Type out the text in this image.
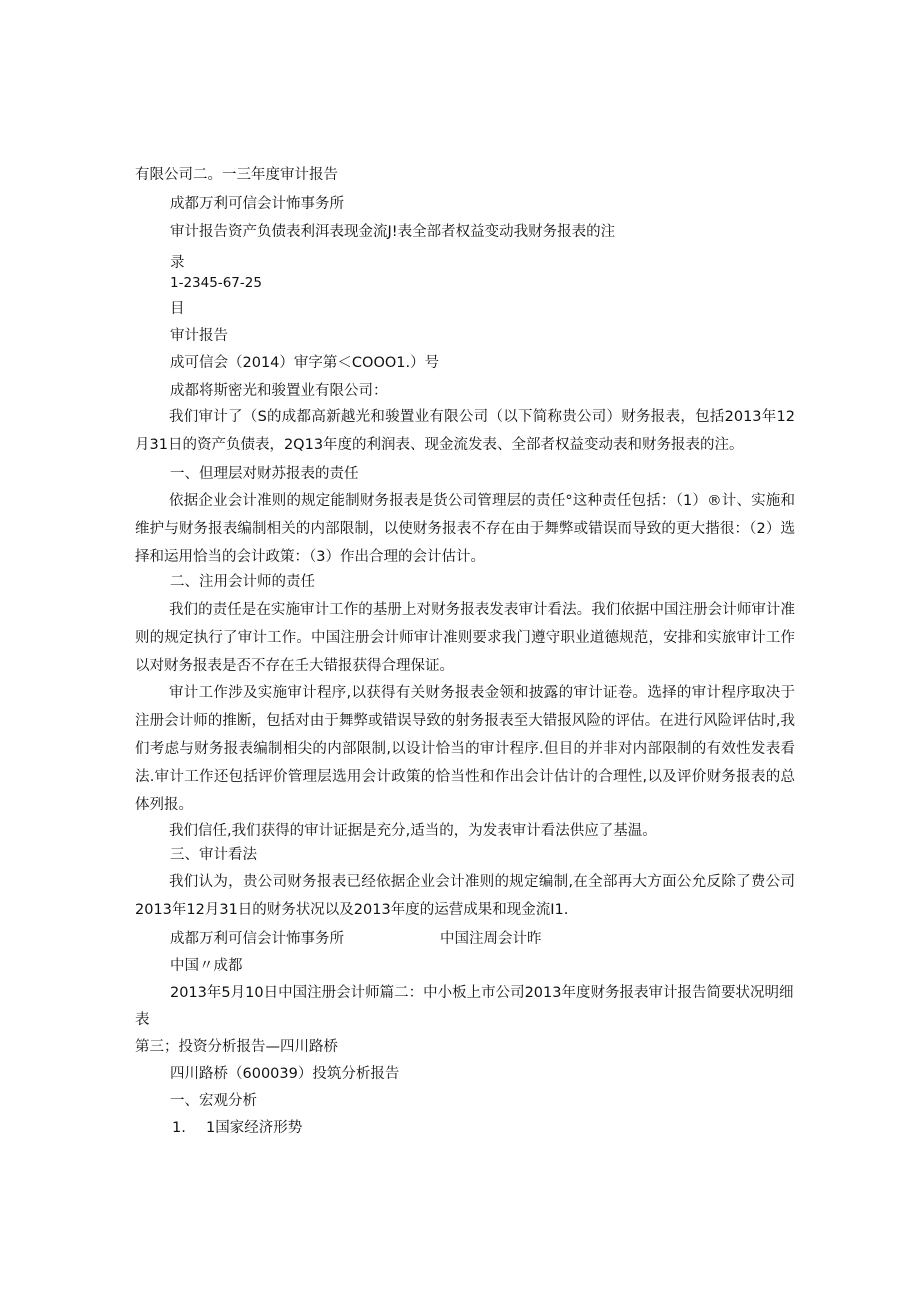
有限公司二。一三年度审计报告

成都万利可信会计怖事务所

审计报告资产负债表利洱表现金流J!表全部者权益变动我财务报表的注

录

1-2345-67-25

目

审计报告

成可信会（2014）审字第＜COOO1.）号

成都将斯密光和骏置业有限公司：

我们审计了（S的成都高新越光和骏置业有限公司（以下简称贵公司）财务报表，包括2013年12月31日的资产负债表，2Q13年度的利润表、现金流发表、全部者权益变动表和财务报表的注。

一、但理层对财苏报表的责任

依据企业会计准则的规定能制财务报表是货公司管理层的责任°这种责任包括：（1）®计、实施和维护与财务报表编制相关的内部限制，以使财务报表不存在由于舞弊或错误而导致的更大揩很：（2）选择和运用恰当的会计政策：（3）作出合理的会计估计。

二、注用会计师的责任

我们的责任是在实施审计工作的基册上对财务报表发表审计看法。我们依据中国注册会计师审计准则的规定执行了审计工作。中国注册会计师审计准则要求我门遵守职业道德规范，安排和实旅审计工作以对财务报表是否不存在壬大错报获得合理保证。

审计工作涉及实施审计程序,以获得有关财务报表金领和披露的审计证卷。选择的审计程序取决于注册会计师的推断，包括对由于舞弊或错误导致的射务报表至大错报风险的评估。在进行风险评估时,我们考虑与财务报表编制相尖的内部限制,以设计恰当的审计程序.但目的并非对内部限制的有效性发表看法.审计工作还包括评价管理层选用会计政策的恰当性和作出会计估计的合理性,以及评价财务报表的总体列报。

我们信任,我们获得的审计证据是充分,适当的，为发表审计看法供应了基温。

三、审计看法

我们认为，贵公司财务报表已经依据企业会计准则的规定编制,在全部再大方面公允反除了费公司2013年12月31日的财务状况以及2013年度的运营成果和现金流I1.

成都万利可信会计怖事务所	中国注周会计昨

中国〃成都

2013年5月10日中国注册会计师篇二：中小板上市公司2013年度财务报表审计报告简要状况明细

表

第三；投资分析报告—四川路桥

四川路桥（600039）投筑分析报告

一、宏观分析

1. 1国家经济形势
